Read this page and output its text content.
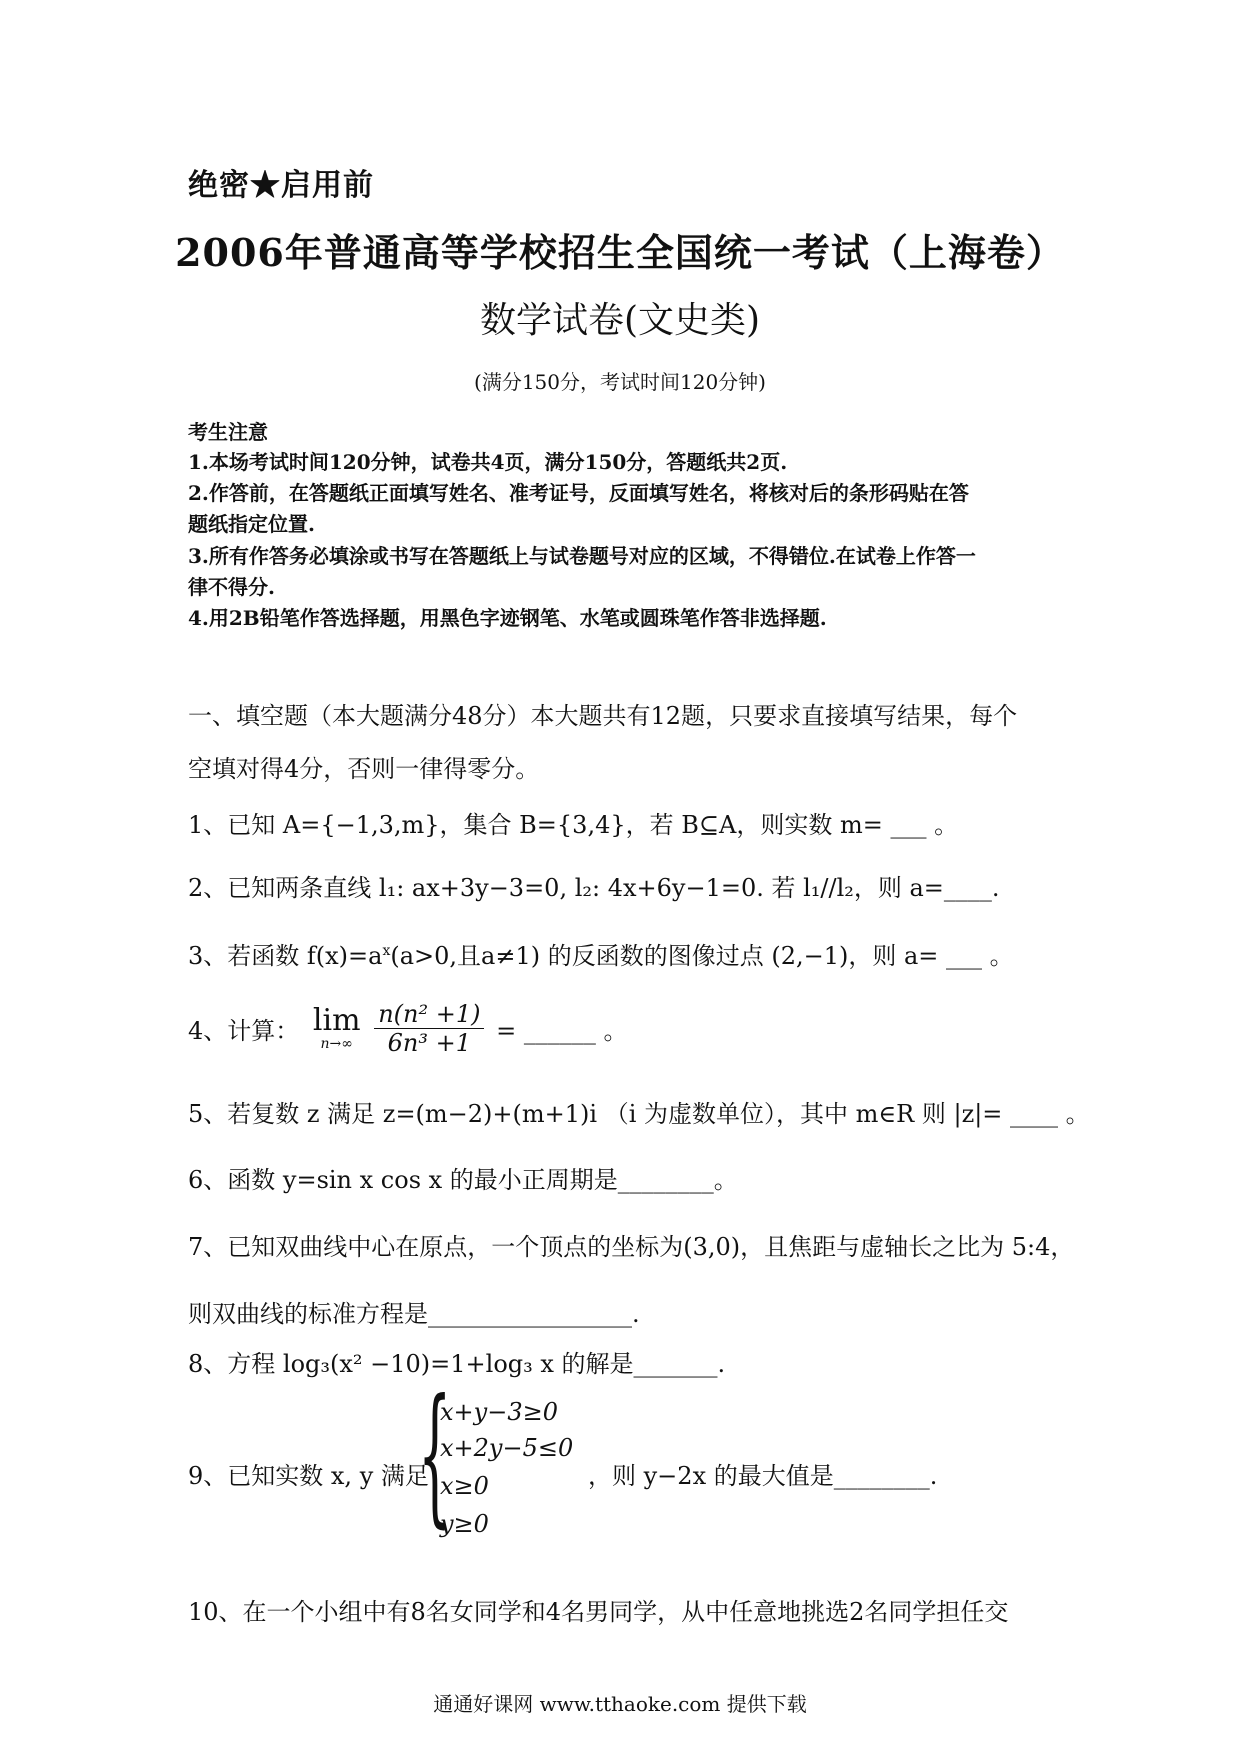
绝密★启用前
2006年普通高等学校招生全国统一考试（上海卷）
数学试卷(文史类)
(满分150分，考试时间120分钟)
考生注意
1.本场考试时间120分钟，试卷共4页，满分150分，答题纸共2页.
2.作答前，在答题纸正面填写姓名、准考证号，反面填写姓名，将核对后的条形码贴在答
题纸指定位置.
3.所有作答务必填涂或书写在答题纸上与试卷题号对应的区域，不得错位.在试卷上作答一
律不得分.
4.用2B铅笔作答选择题，用黑色字迹钢笔、水笔或圆珠笔作答非选择题.
一、填空题（本大题满分48分）本大题共有12题，只要求直接填写结果，每个
空填对得4分，否则一律得零分。
1、已知 A={−1,3,m}，集合 B={3,4}，若 B⊆A，则实数 m= ___ 。
2、已知两条直线 l₁: ax+3y−3=0, l₂: 4x+6y−1=0. 若 l₁//l₂，则 a=____.
3、若函数 $f(x)=a^x(a>0$,且a≠1) 的反函数的图像过点 (2,−1)，则 a= ___ 。
4、计算： lim
n→∞
$\frac{\text{n(n² +1)}}{\text{6n³ +1}}$ = ______ 。
5、若复数 z 满足 z=(m−2)+(m+1)i （i 为虚数单位），其中 m∈R 则 |z|= ____ 。
6、函数 y=sin x cos x 的最小正周期是________。
7、已知双曲线中心在原点，一个顶点的坐标为(3,0)，且焦距与虚轴长之比为 5:4，
则双曲线的标准方程是_________________.
8、方程 log₃(x² −10)=1+log₃ x 的解是_______.
9、已知实数 x, y 满足
{
x+y−3≥0
x+2y−5≤0
x≥0
y≥0
，则 y−2x 的最大值是________.
10、在一个小组中有8名女同学和4名男同学，从中任意地挑选2名同学担任交
通通好课网 www.tthaoke.com 提供下载
